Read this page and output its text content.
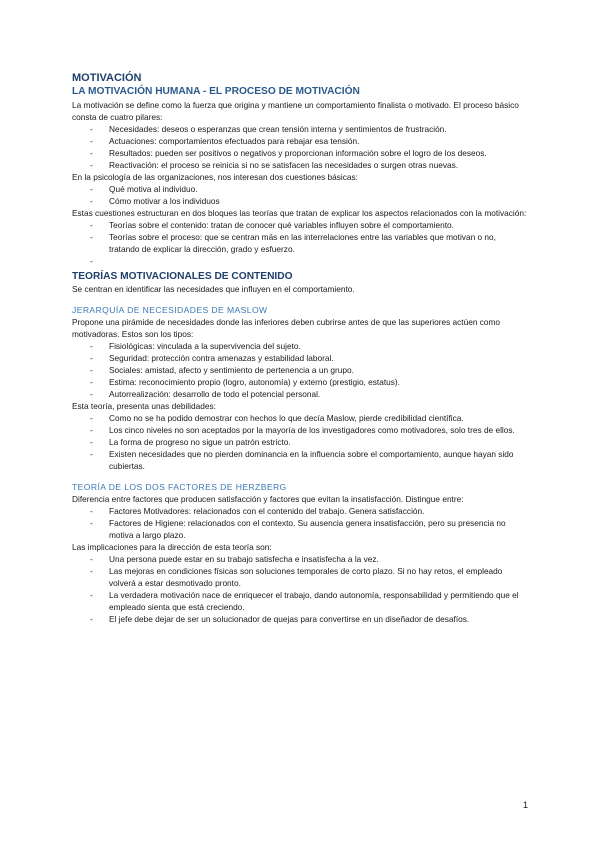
MOTIVACIÓN
LA MOTIVACIÓN HUMANA - EL PROCESO DE MOTIVACIÓN

La motivación se define como la fuerza que origina y mantiene un comportamiento finalista o motivado. El proceso básico consta de cuatro pilares:

- Necesidades: deseos o esperanzas que crean tensión interna y sentimientos de frustración.
- Actuaciones: comportamientos efectuados para rebajar esa tensión.
- Resultados: pueden ser positivos o negativos y proporcionan información sobre el logro de los deseos.
- Reactivación: el proceso se reinicia si no se satisfacen las necesidades o surgen otras nuevas.

En la psicología de las organizaciones, nos interesan dos cuestiones básicas:

- Qué motiva al individuo.
- Cómo motivar a los individuos

Estas cuestiones estructuran en dos bloques las teorías que tratan de explicar los aspectos relacionados con la motivación:

- Teorías sobre el contenido: tratan de conocer qué variables influyen sobre el comportamiento.
- Teorías sobre el proceso: que se centran más en las interrelaciones entre las variables que motivan o no, tratando de explicar la dirección, grado y esfuerzo.
-
TEORÍAS MOTIVACIONALES DE CONTENIDO

Se centran en identificar las necesidades que influyen en el comportamiento.

JERARQUÍA DE NECESIDADES DE MASLOW

Propone una pirámide de necesidades donde las inferiores deben cubrirse antes de que las superiores actúen como motivadoras. Estos son los tipos:

- Fisiológicas: vinculada a la supervivencia del sujeto.
- Seguridad: protección contra amenazas y estabilidad laboral.
- Sociales: amistad, afecto y sentimiento de pertenencia a un grupo.
- Estima: reconocimiento propio (logro, autonomía) y externo (prestigio, estatus).
- Autorrealización: desarrollo de todo el potencial personal.

Esta teoría, presenta unas debilidades:

- Como no se ha podido demostrar con hechos lo que decía Maslow, pierde credibilidad científica.
- Los cinco niveles no son aceptados por la mayoría de los investigadores como motivadores, solo tres de ellos.
- La forma de progreso no sigue un patrón estricto.
- Existen necesidades que no pierden dominancia en la influencia sobre el comportamiento, aunque hayan sido cubiertas.
TEORÍA DE LOS DOS FACTORES DE HERZBERG

Diferencia entre factores que producen satisfacción y factores que evitan la insatisfacción. Distingue entre:

- Factores Motivadores: relacionados con el contenido del trabajo. Genera satisfacción.
- Factores de Higiene: relacionados con el contexto. Su ausencia genera insatisfacción, pero su presencia no motiva a largo plazo.

Las implicaciones para la dirección de esta teoría son:

- Una persona puede estar en su trabajo satisfecha e insatisfecha a la vez.
- Las mejoras en condiciones físicas son soluciones temporales de corto plazo. Si no hay retos, el empleado volverá a estar desmotivado pronto.
- La verdadera motivación nace de enriquecer el trabajo, dando autonomía, responsabilidad y permitiendo que el empleado sienta que está creciendo.
- El jefe debe dejar de ser un solucionador de quejas para convertirse en un diseñador de desafíos.
1
